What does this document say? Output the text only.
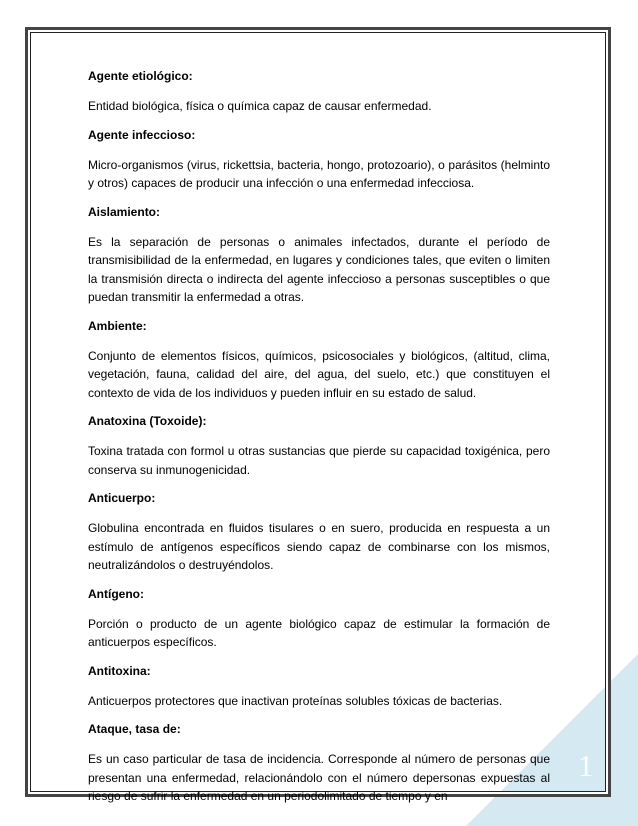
Agente etiológico:

Entidad biológica, física o química capaz de causar enfermedad.

Agente infeccioso:

Micro-organismos (virus, rickettsia, bacteria, hongo, protozoario), o parásitos (helminto y otros) capaces de producir una infección o una enfermedad infecciosa.

Aislamiento:

Es la separación de personas o animales infectados, durante el período de transmisibilidad de la enfermedad, en lugares y condiciones tales, que eviten o limiten la transmisión directa o indirecta del agente infeccioso a personas susceptibles o que puedan transmitir la enfermedad a otras.

Ambiente:

Conjunto de elementos físicos, químicos, psicosociales y biológicos, (altitud, clima, vegetación, fauna, calidad del aire, del agua, del suelo, etc.) que constituyen el contexto de vida de los individuos y pueden influir en su estado de salud.

Anatoxina (Toxoide):

Toxina tratada con formol u otras sustancias que pierde su capacidad toxigénica, pero conserva su inmunogenicidad.

Anticuerpo:

Globulina encontrada en fluidos tisulares o en suero, producida en respuesta a un estímulo de antígenos específicos siendo capaz de combinarse con los mismos, neutralizándolos o destruyéndolos.

Antígeno:

Porción o producto de un agente biológico capaz de estimular la formación de anticuerpos específicos.

Antitoxina:

Anticuerpos protectores que inactivan proteínas solubles tóxicas de bacterias.

Ataque, tasa de:

Es un caso particular de tasa de incidencia. Corresponde al número de personas que presentan una enfermedad, relacionándolo con el número depersonas expuestas al riesgo de sufrir la enfermedad en un periodolimitado de tiempo y en

1
